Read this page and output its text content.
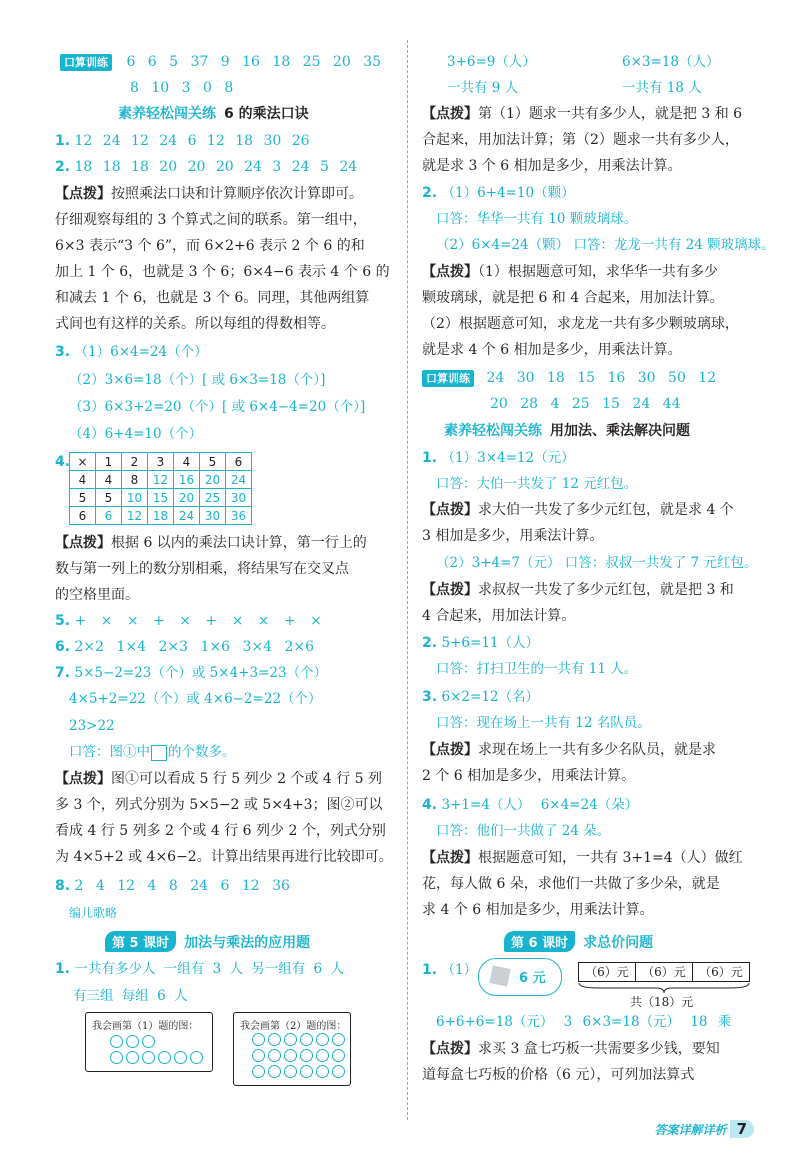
口算训练 6 6 5 37 9 16 18 25 20 35
8 10 3 0 8
素养轻松闯关练 6 的乘法口诀
1. 12 24 12 24 6 12 18 30 26
2. 18 18 18 20 20 20 24 3 24 5 24
【点拨】按照乘法口诀和计算顺序依次计算即可。
仔细观察每组的 3 个算式之间的联系。第一组中，
6×3 表示“3 个 6”，而 6×2+6 表示 2 个 6 的和
加上 1 个 6，也就是 3 个 6；6×4−6 表示 4 个 6 的
和减去 1 个 6，也就是 3 个 6。同理，其他两组算
式间也有这样的关系。所以每组的得数相等。
3. （1）6×4=24（个）
（2）3×6=18（个）[ 或 6×3=18（个）]
（3）6×3+2=20（个）[ 或 6×4−4=20（个）]
（4）6+4=10（个）
4. ×	1	2	3	4	5	6
4	4	8	12	16	20	24
5	5	10	15	20	25	30
6	6	12	18	24	30	36
【点拨】根据 6 以内的乘法口诀计算，第一行上的
数与第一列上的数分别相乘，将结果写在交叉点
的空格里面。
5. + × × + × + × × + ×
6. 2×2 1×4 2×3 1×6 3×4 2×6
7. 5×5−2=23（个）或 5×4+3=23（个）
4×5+2=22（个）或 4×6−2=22（个）
23>22
口答：图①中 的个数多。
【点拨】图①可以看成 5 行 5 列少 2 个或 4 行 5 列
多 3 个，列式分别为 5×5−2 或 5×4+3；图②可以
看成 4 行 5 列多 2 个或 4 行 6 列少 2 个，列式分别
为 4×5+2 或 4×6−2。计算出结果再进行比较即可。
8. 2 4 12 4 8 24 6 12 36
编儿歌略
第 5 课时	加法与乘法的应用题
1. 一共有多少人 一组有 3 人 另一组有 6 人
有三组 每组 6 人
我会画第（1）题的图：	我会画第（2）题的图：
3+6=9（人）	6×3=18（人）
一共有 9 人	一共有 18 人
【点拨】第（1）题求一共有多少人，就是把 3 和 6
合起来，用加法计算；第（2）题求一共有多少人，
就是求 3 个 6 相加是多少，用乘法计算。
2. （1）6+4=10（颗）
口答：华华一共有 10 颗玻璃球。
（2）6×4=24（颗） 口答：龙龙一共有 24 颗玻璃球。
【点拨】（1）根据题意可知，求华华一共有多少
颗玻璃球，就是把 6 和 4 合起来，用加法计算。
（2）根据题意可知，求龙龙一共有多少颗玻璃球，
就是求 4 个 6 相加是多少，用乘法计算。
口算训练 24 30 18 15 16 30 50 12
20 28 4 25 15 24 44
素养轻松闯关练 用加法、乘法解决问题
1. （1）3×4=12（元）
口答：大伯一共发了 12 元红包。
【点拨】求大伯一共发了多少元红包，就是求 4 个
3 相加是多少，用乘法计算。
（2）3+4=7（元） 口答：叔叔一共发了 7 元红包。
【点拨】求叔叔一共发了多少元红包，就是把 3 和
4 合起来，用加法计算。
2. 5+6=11（人）
口答：打扫卫生的一共有 11 人。
3. 6×2=12（名）
口答：现在场上一共有 12 名队员。
【点拨】求现在场上一共有多少名队员，就是求
2 个 6 相加是多少，用乘法计算。
4. 3+1=4（人） 6×4=24（朵）
口答：他们一共做了 24 朵。
【点拨】根据题意可知，一共有 3+1=4（人）做红
花，每人做 6 朵，求他们一共做了多少朵，就是
求 4 个 6 相加是多少，用乘法计算。
第 6 课时	求总价问题
1. （1）
6 元	（6）元	（6）元	（6）元
共（18）元
6+6+6=18（元） 3 6×3=18（元） 18 乘
【点拨】求买 3 盒七巧板一共需要多少钱，要知
道每盒七巧板的价格（6 元），可列加法算式
答案详解详析 7
